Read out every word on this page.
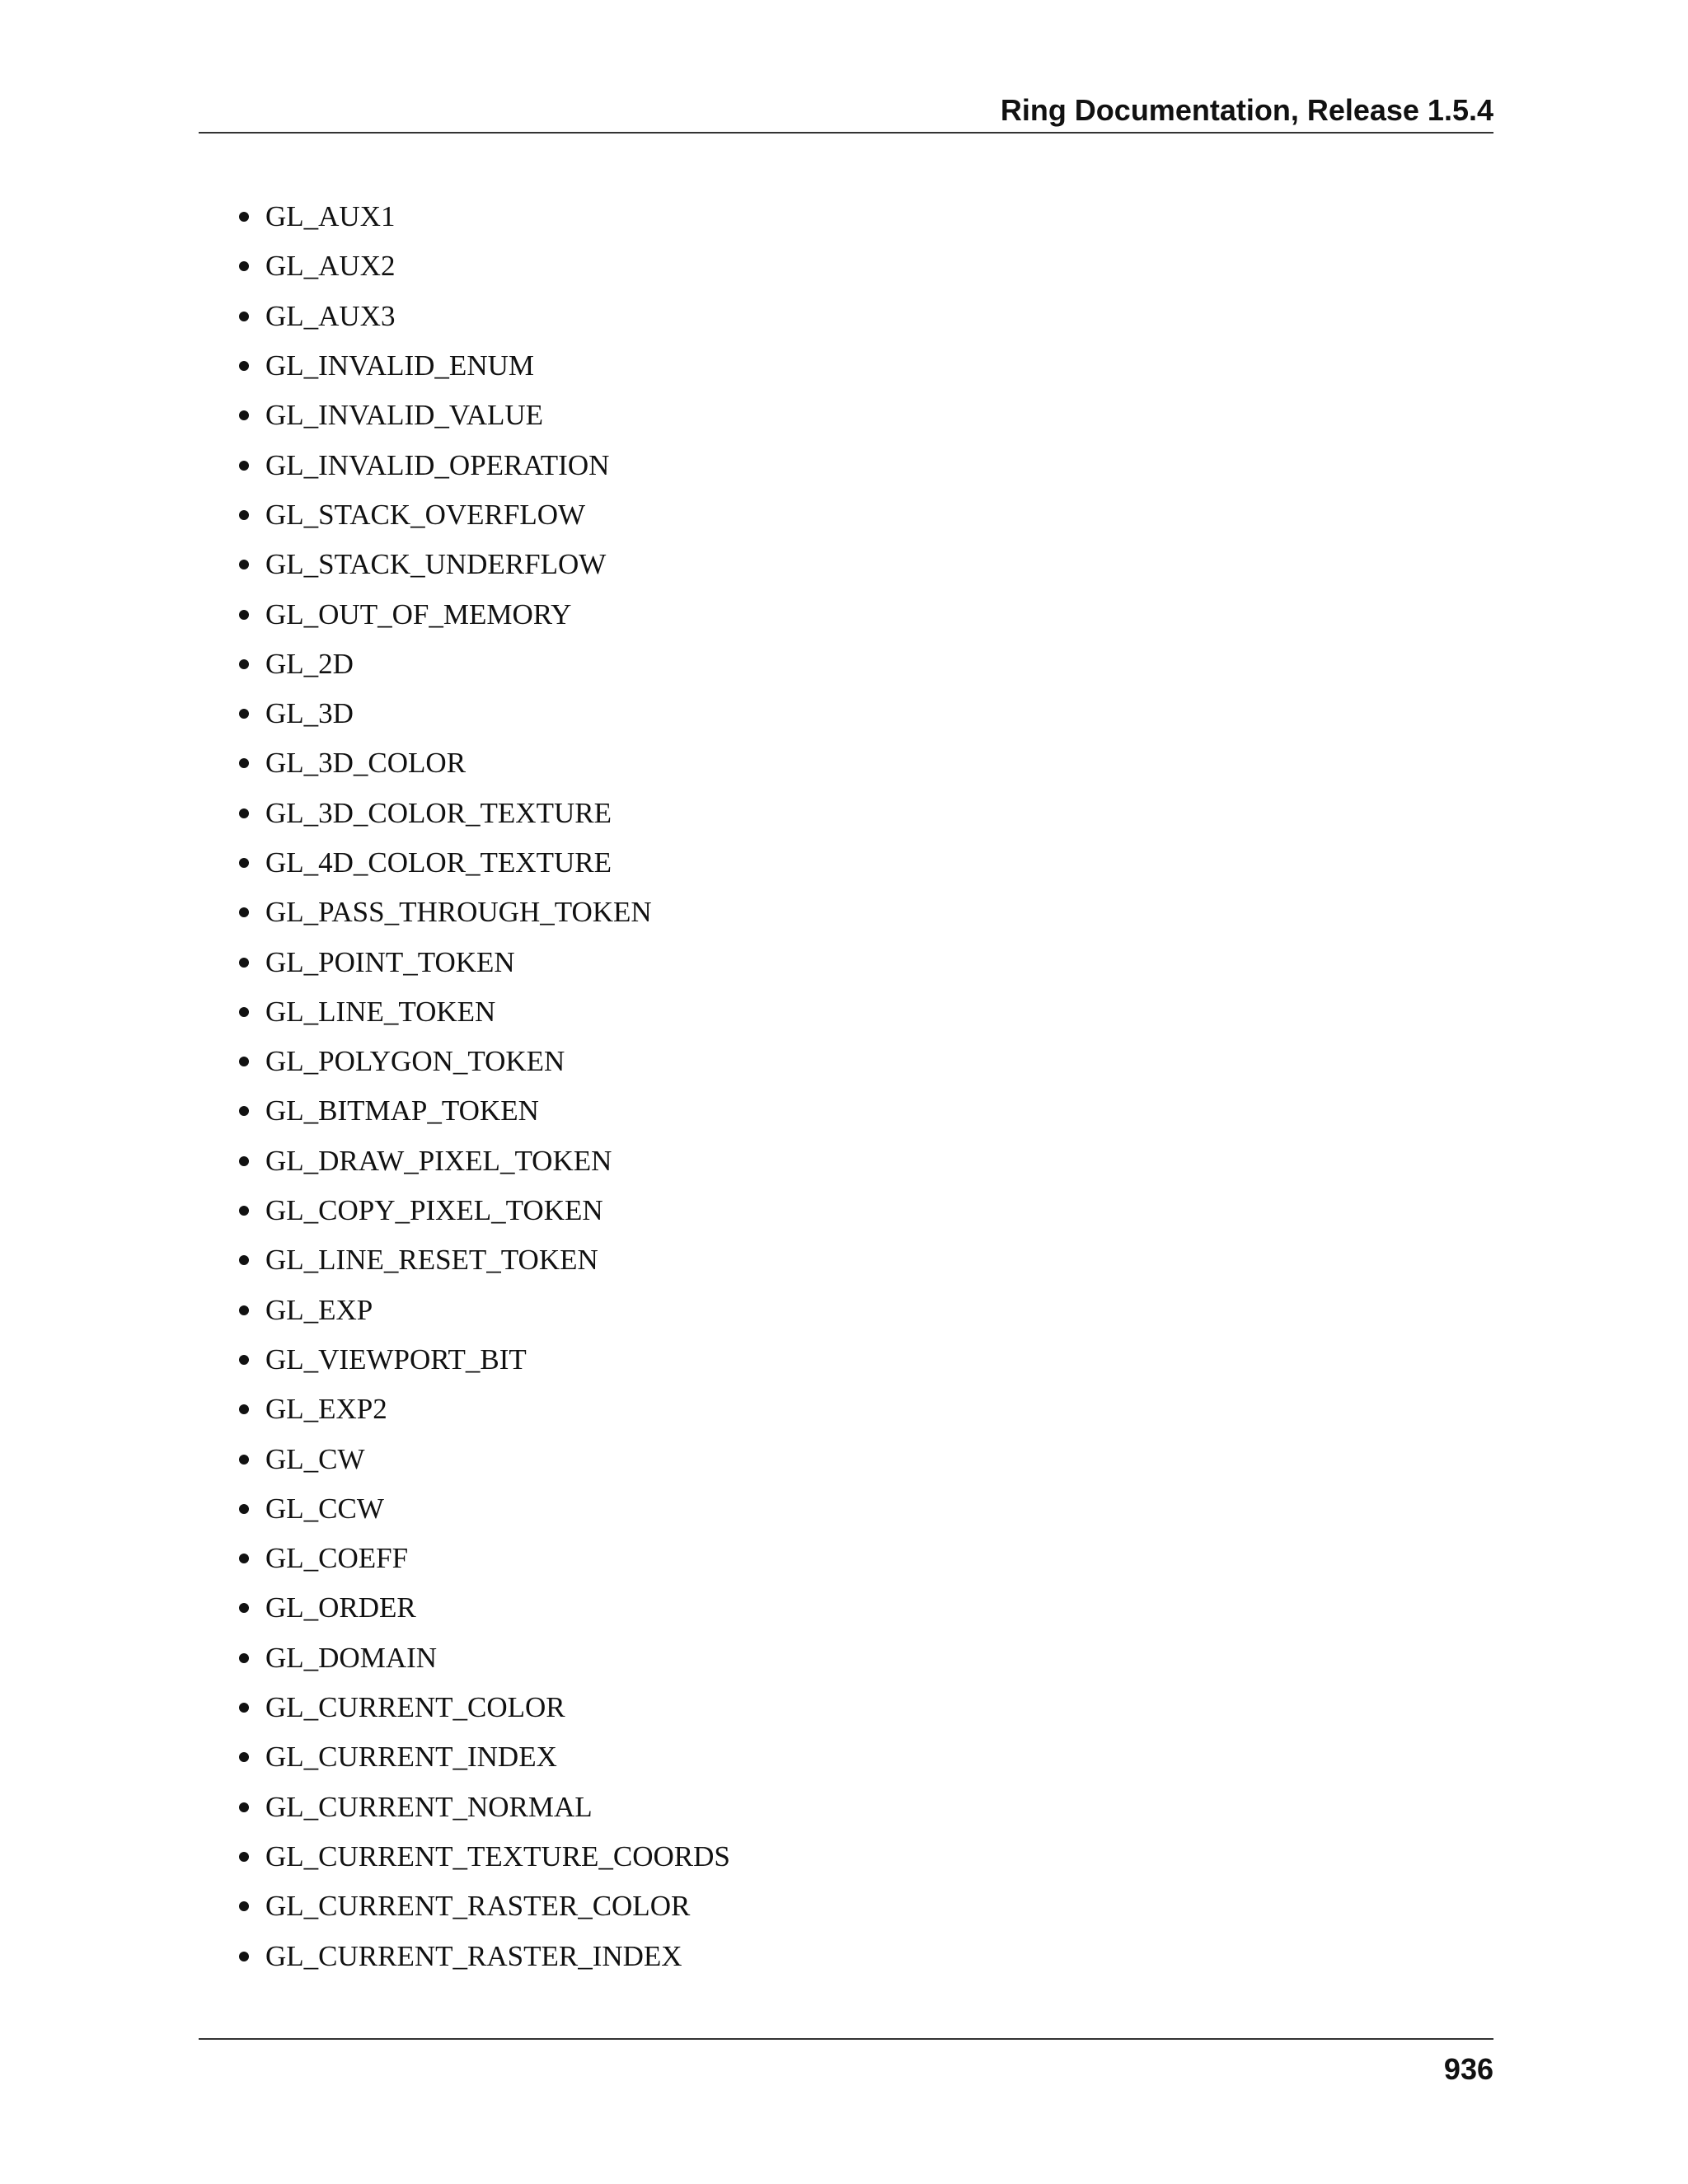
Ring Documentation, Release 1.5.4
GL_AUX1
GL_AUX2
GL_AUX3
GL_INVALID_ENUM
GL_INVALID_VALUE
GL_INVALID_OPERATION
GL_STACK_OVERFLOW
GL_STACK_UNDERFLOW
GL_OUT_OF_MEMORY
GL_2D
GL_3D
GL_3D_COLOR
GL_3D_COLOR_TEXTURE
GL_4D_COLOR_TEXTURE
GL_PASS_THROUGH_TOKEN
GL_POINT_TOKEN
GL_LINE_TOKEN
GL_POLYGON_TOKEN
GL_BITMAP_TOKEN
GL_DRAW_PIXEL_TOKEN
GL_COPY_PIXEL_TOKEN
GL_LINE_RESET_TOKEN
GL_EXP
GL_VIEWPORT_BIT
GL_EXP2
GL_CW
GL_CCW
GL_COEFF
GL_ORDER
GL_DOMAIN
GL_CURRENT_COLOR
GL_CURRENT_INDEX
GL_CURRENT_NORMAL
GL_CURRENT_TEXTURE_COORDS
GL_CURRENT_RASTER_COLOR
GL_CURRENT_RASTER_INDEX
936
